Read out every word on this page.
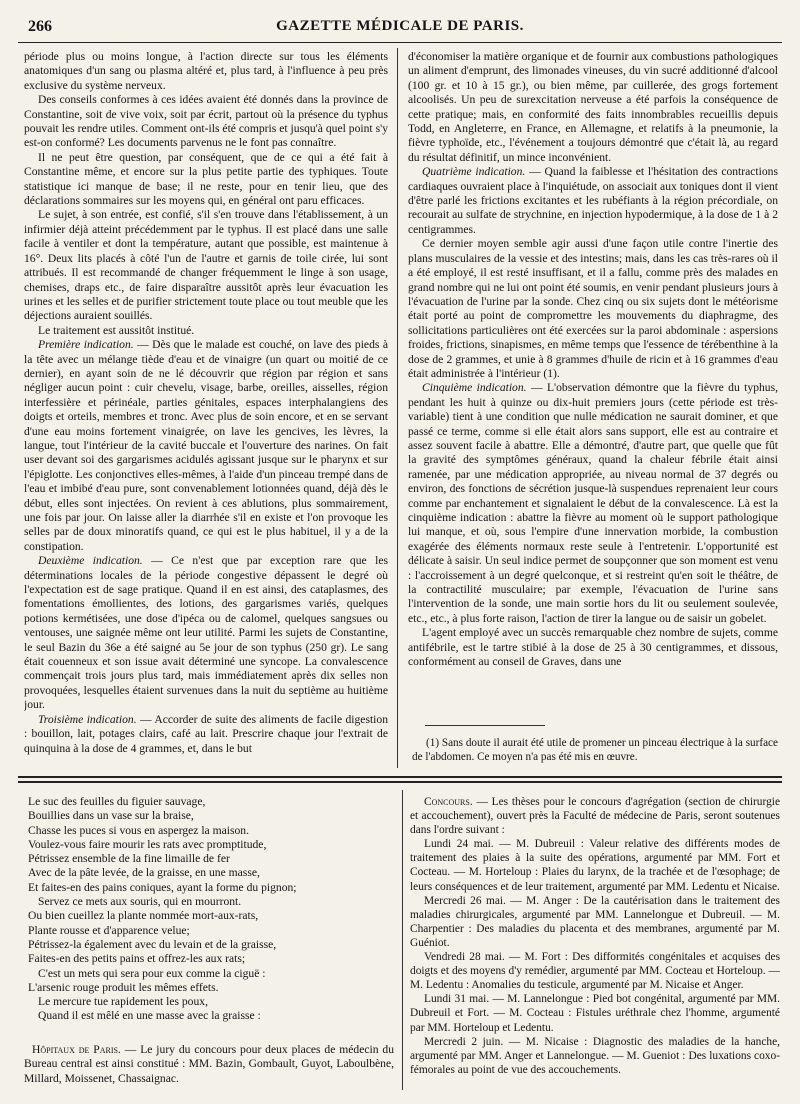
266	GAZETTE MÉDICALE DE PARIS.

période plus ou moins longue, à l'action directe sur tous les éléments anatomiques d'un sang ou plasma altéré et, plus tard, à l'influence à peu près exclusive du système nerveux.

Des conseils conformes à ces idées avaient été donnés dans la province de Constantine, soit de vive voix, soit par écrit, partout où la présence du typhus pouvait les rendre utiles. Comment ont-ils été compris et jusqu'à quel point s'y est-on conformé? Les documents parvenus ne le font pas connaître.

Il ne peut être question, par conséquent, que de ce qui a été fait à Constantine même, et encore sur la plus petite partie des typhiques. Toute statistique ici manque de base; il ne reste, pour en tenir lieu, que des déclarations sommaires sur les moyens qui, en général ont paru efficaces.

Le sujet, à son entrée, est confié, s'il s'en trouve dans l'établissement, à un infirmier déjà atteint précédemment par le typhus. Il est placé dans une salle facile à ventiler et dont la température, autant que possible, est maintenue à 16°. Deux lits placés à côté l'un de l'autre et garnis de toile cirée, lui sont attribués. Il est recommandé de changer fréquemment le linge à son usage, chemises, draps etc., de faire disparaître aussitôt après leur évacuation les urines et les selles et de purifier strictement toute place ou tout meuble que les déjections auraient souillés.

Le traitement est aussitôt institué.

Première indication. — Dès que le malade est couché, on lave des pieds à la tête avec un mélange tiède d'eau et de vinaigre (un quart ou moitié de ce dernier), en ayant soin de ne lé découvrir que région par région et sans négliger aucun point : cuir chevelu, visage, barbe, oreilles, aisselles, région interfessière et périnéale, parties génitales, espaces interphalangiens des doigts et orteils, membres et tronc. Avec plus de soin encore, et en se servant d'une eau moins fortement vinaigrée, on lave les gencives, les lèvres, la langue, tout l'intérieur de la cavité buccale et l'ouverture des narines. On fait user devant soi des gargarismes acidulés agissant jusque sur le pharynx et sur l'épiglotte. Les conjonctives elles-mêmes, à l'aide d'un pinceau trempé dans de l'eau et imbibé d'eau pure, sont convenablement lotionnées quand, déjà dès le début, elles sont injectées. On revient à ces ablutions, plus sommairement, une fois par jour. On laisse aller la diarrhée s'il en existe et l'on provoque les selles par de doux minoratifs quand, ce qui est le plus habituel, il y a de la constipation.

Deuxième indication. — Ce n'est que par exception rare que les déterminations locales de la période congestive dépassent le degré où l'expectation est de sage pratique. Quand il en est ainsi, des cataplasmes, des fomentations émollientes, des lotions, des gargarismes variés, quelques potions kermétisées, une dose d'ipéca ou de calomel, quelques sangsues ou ventouses, une saignée même ont leur utilité. Parmi les sujets de Constantine, le seul Bazin du 36e a été saigné au 5e jour de son typhus (250 gr). Le sang était couenneux et son issue avait déterminé une syncope. La convalescence commençait trois jours plus tard, mais immédiatement après dix selles non provoquées, lesquelles étaient survenues dans la nuit du septième au huitième jour.

Troisième indication. — Accorder de suite des aliments de facile digestion : bouillon, lait, potages clairs, café au lait. Prescrire chaque jour l'extrait de quinquina à la dose de 4 grammes, et, dans le but

d'économiser la matière organique et de fournir aux combustions pathologiques un aliment d'emprunt, des limonades vineuses, du vin sucré additionné d'alcool (100 gr. et 10 à 15 gr.), ou bien même, par cuillerée, des grogs fortement alcoolisés. Un peu de surexcitation nerveuse a été parfois la conséquence de cette pratique; mais, en conformité des faits innombrables recueillis depuis Todd, en Angleterre, en France, en Allemagne, et relatifs à la pneumonie, la fièvre typhoïde, etc., l'événement a toujours démontré que c'était là, au regard du résultat définitif, un mince inconvénient.

Quatrième indication. — Quand la faiblesse et l'hésitation des contractions cardiaques ouvraient place à l'inquiétude, on associait aux toniques dont il vient d'être parlé les frictions excitantes et les rubéfiants à la région précordiale, on recourait au sulfate de strychnine, en injection hypodermique, à la dose de 1 à 2 centigrammes.

Ce dernier moyen semble agir aussi d'une façon utile contre l'inertie des plans musculaires de la vessie et des intestins; mais, dans les cas très-rares où il a été employé, il est resté insuffisant, et il a fallu, comme près des malades en grand nombre qui ne lui ont point été soumis, en venir pendant plusieurs jours à l'évacuation de l'urine par la sonde. Chez cinq ou six sujets dont le météorisme était porté au point de compromettre les mouvements du diaphragme, des sollicitations particulières ont été exercées sur la paroi abdominale : aspersions froides, frictions, sinapismes, en même temps que l'essence de térébenthine à la dose de 2 grammes, et unie à 8 grammes d'huile de ricin et à 16 grammes d'eau était administrée à l'intérieur (1).

Cinquième indication. — L'observation démontre que la fièvre du typhus, pendant les huit à quinze ou dix-huit premiers jours (cette période est très-variable) tient à une condition que nulle médication ne saurait dominer, et que passé ce terme, comme si elle était alors sans support, elle est au contraire et assez souvent facile à abattre. Elle a démontré, d'autre part, que quelle que fût la gravité des symptômes généraux, quand la chaleur fébrile était ainsi ramenée, par une médication appropriée, au niveau normal de 37 degrés ou environ, des fonctions de sécrétion jusque-là suspendues reprenaient leur cours comme par enchantement et signalaient le début de la convalescence. Là est la cinquième indication : abattre la fièvre au moment où le support pathologique lui manque, et où, sous l'empire d'une innervation morbide, la combustion exagérée des éléments normaux reste seule à l'entretenir. L'opportunité est délicate à saisir. Un seul indice permet de soupçonner que son moment est venu : l'accroissement à un degré quelconque, et si restreint qu'en soit le théâtre, de la contractilité musculaire; par exemple, l'évacuation de l'urine sans l'intervention de la sonde, une main sortie hors du lit ou seulement soulevée, etc., etc., à plus forte raison, l'action de tirer la langue ou de saisir un gobelet.

L'agent employé avec un succès remarquable chez nombre de sujets, comme antifébrile, est le tartre stibié à la dose de 25 à 30 centigrammes, et dissous, conformément au conseil de Graves, dans une

(1) Sans doute il aurait été utile de promener un pinceau électrique à la surface de l'abdomen. Ce moyen n'a pas été mis en œuvre.
Le suc des feuilles du figuier sauvage,
Bouillies dans un vase sur la braise,
Chasse les puces si vous en aspergez la maison.
Voulez-vous faire mourir les rats avec promptitude,
Pétrissez ensemble de la fine limaille de fer
Avec de la pâte levée, de la graisse, en une masse,
Et faites-en des pains coniques, ayant la forme du pignon;
Servez ce mets aux souris, qui en mourront.
Ou bien cueillez la plante nommée mort-aux-rats,
Plante rousse et d'apparence velue;
Pétrissez-la également avec du levain et de la graisse,
Faites-en des petits pains et offrez-les aux rats;
C'est un mets qui sera pour eux comme la ciguë :
L'arsenic rouge produit les mêmes effets.
Le mercure tue rapidement les poux,
Quand il est mêlé en une masse avec la graisse :
Hôpitaux de Paris. — Le jury du concours pour deux places de médecin du Bureau central est ainsi constitué : MM. Bazin, Gombault, Guyot, Laboulbène, Millard, Moissenet, Chassaignac.

Concours. — Les thèses pour le concours d'agrégation (section de chirurgie et accouchement), ouvert près la Faculté de médecine de Paris, seront soutenues dans l'ordre suivant :

Lundi 24 mai. — M. Dubreuil : Valeur relative des différents modes de traitement des plaies à la suite des opérations, argumenté par MM. Fort et Cocteau. — M. Horteloup : Plaies du larynx, de la trachée et de l'œsophage; de leurs conséquences et de leur traitement, argumenté par MM. Ledentu et Nicaise.

Mercredi 26 mai. — M. Anger : De la cautérisation dans le traitement des maladies chirurgicales, argumenté par MM. Lannelongue et Dubreuil. — M. Charpentier : Des maladies du placenta et des membranes, argumenté par M. Guéniot.

Vendredi 28 mai. — M. Fort : Des difformités congénitales et acquises des doigts et des moyens d'y remédier, argumenté par MM. Cocteau et Horteloup. — M. Ledentu : Anomalies du testicule, argumenté par M. Nicaise et Anger.

Lundi 31 mai. — M. Lannelongue : Pied bot congénital, argumenté par MM. Dubreuil et Fort. — M. Cocteau : Fistules uréthrale chez l'homme, argumenté par MM. Horteloup et Ledentu.

Mercredi 2 juin. — M. Nicaise : Diagnostic des maladies de la hanche, argumenté par MM. Anger et Lannelongue. — M. Gueniot : Des luxations coxo-fémorales au point de vue des accouchements.
